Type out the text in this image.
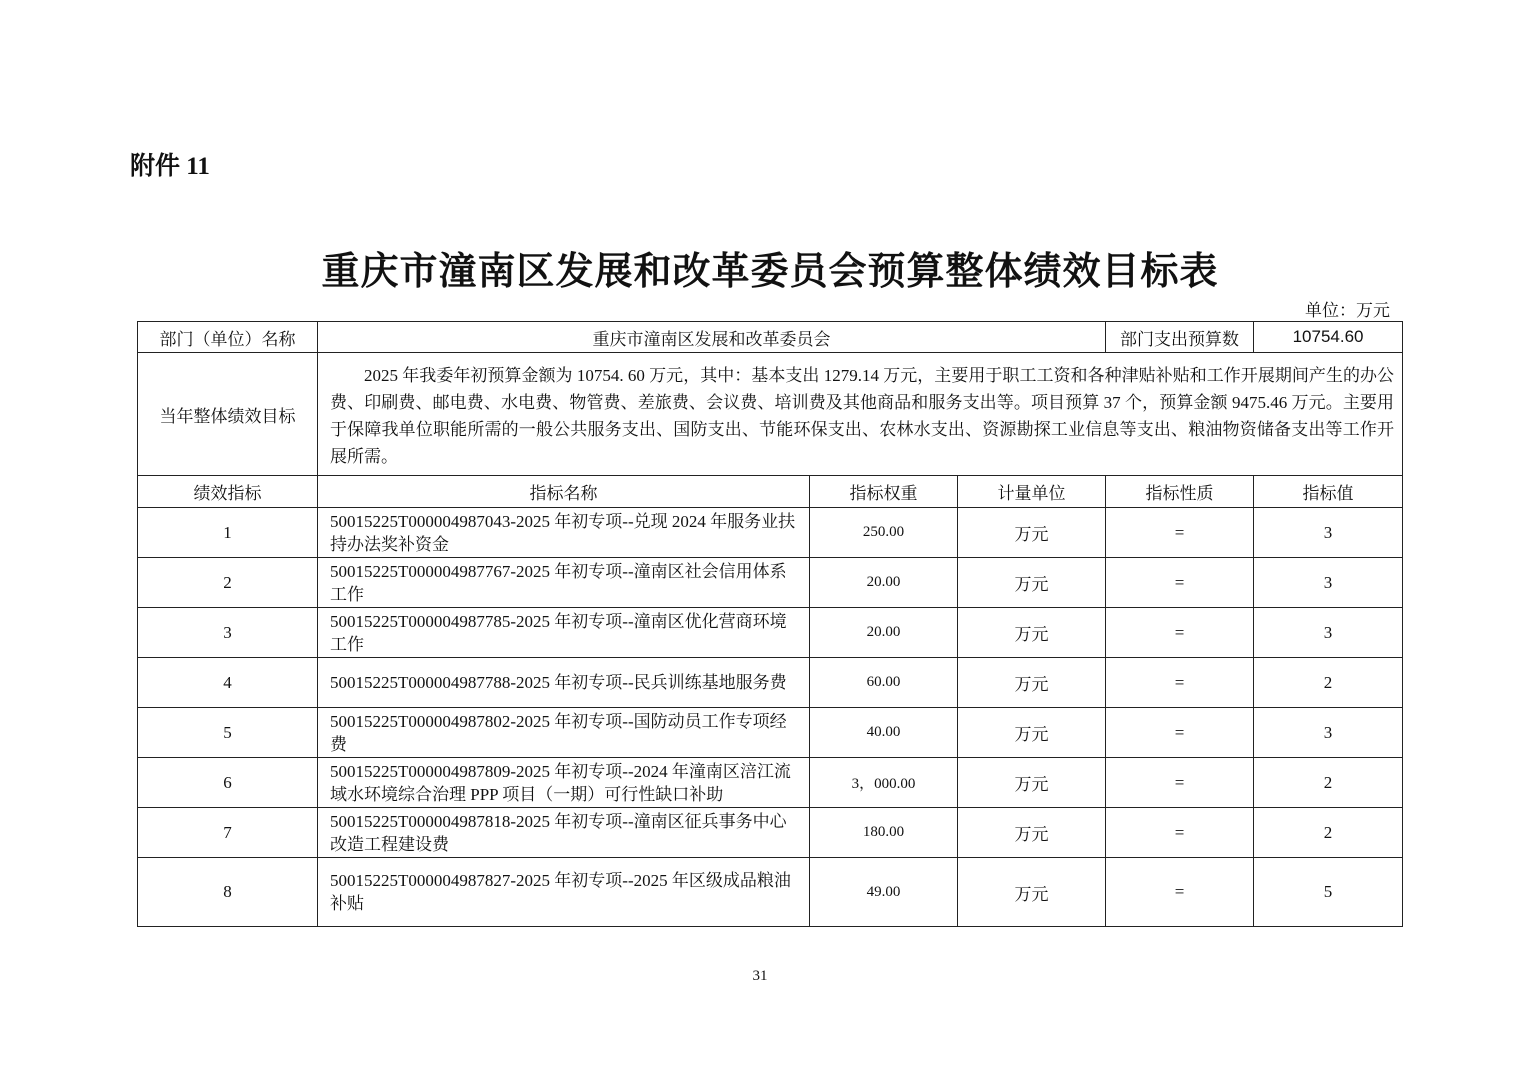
附件 11
重庆市潼南区发展和改革委员会预算整体绩效目标表
单位：万元
部门（单位）名称	重庆市潼南区发展和改革委员会			部门支出预算数	10754.60
当年整体绩效目标	2025 年我委年初预算金额为 10754. 60 万元，其中：基本支出 1279.14 万元，主要用于职工工资和各种津贴补贴和工作开展期间产生的办公费、印刷费、邮电费、水电费、物管费、差旅费、会议费、培训费及其他商品和服务支出等。项目预算 37 个，预算金额 9475.46 万元。主要用于保障我单位职能所需的一般公共服务支出、国防支出、节能环保支出、农林水支出、资源勘探工业信息等支出、粮油物资储备支出等工作开展所需。				
绩效指标	指标名称	指标权重	计量单位	指标性质	指标值
1	50015225T000004987043-2025 年初专项--兑现 2024 年服务业扶持办法奖补资金	250.00	万元	=	3
2	50015225T000004987767-2025 年初专项--潼南区社会信用体系工作	20.00	万元	=	3
3	50015225T000004987785-2025 年初专项--潼南区优化营商环境工作	20.00	万元	=	3
4	50015225T000004987788-2025 年初专项--民兵训练基地服务费	60.00	万元	=	2
5	50015225T000004987802-2025 年初专项--国防动员工作专项经费	40.00	万元	=	3
6	50015225T000004987809-2025 年初专项--2024 年潼南区涪江流域水环境综合治理 PPP 项目（一期）可行性缺口补助	3，000.00	万元	=	2
7	50015225T000004987818-2025 年初专项--潼南区征兵事务中心改造工程建设费	180.00	万元	=	2
8	50015225T000004987827-2025 年初专项--2025 年区级成品粮油补贴	49.00	万元	=	5
31
